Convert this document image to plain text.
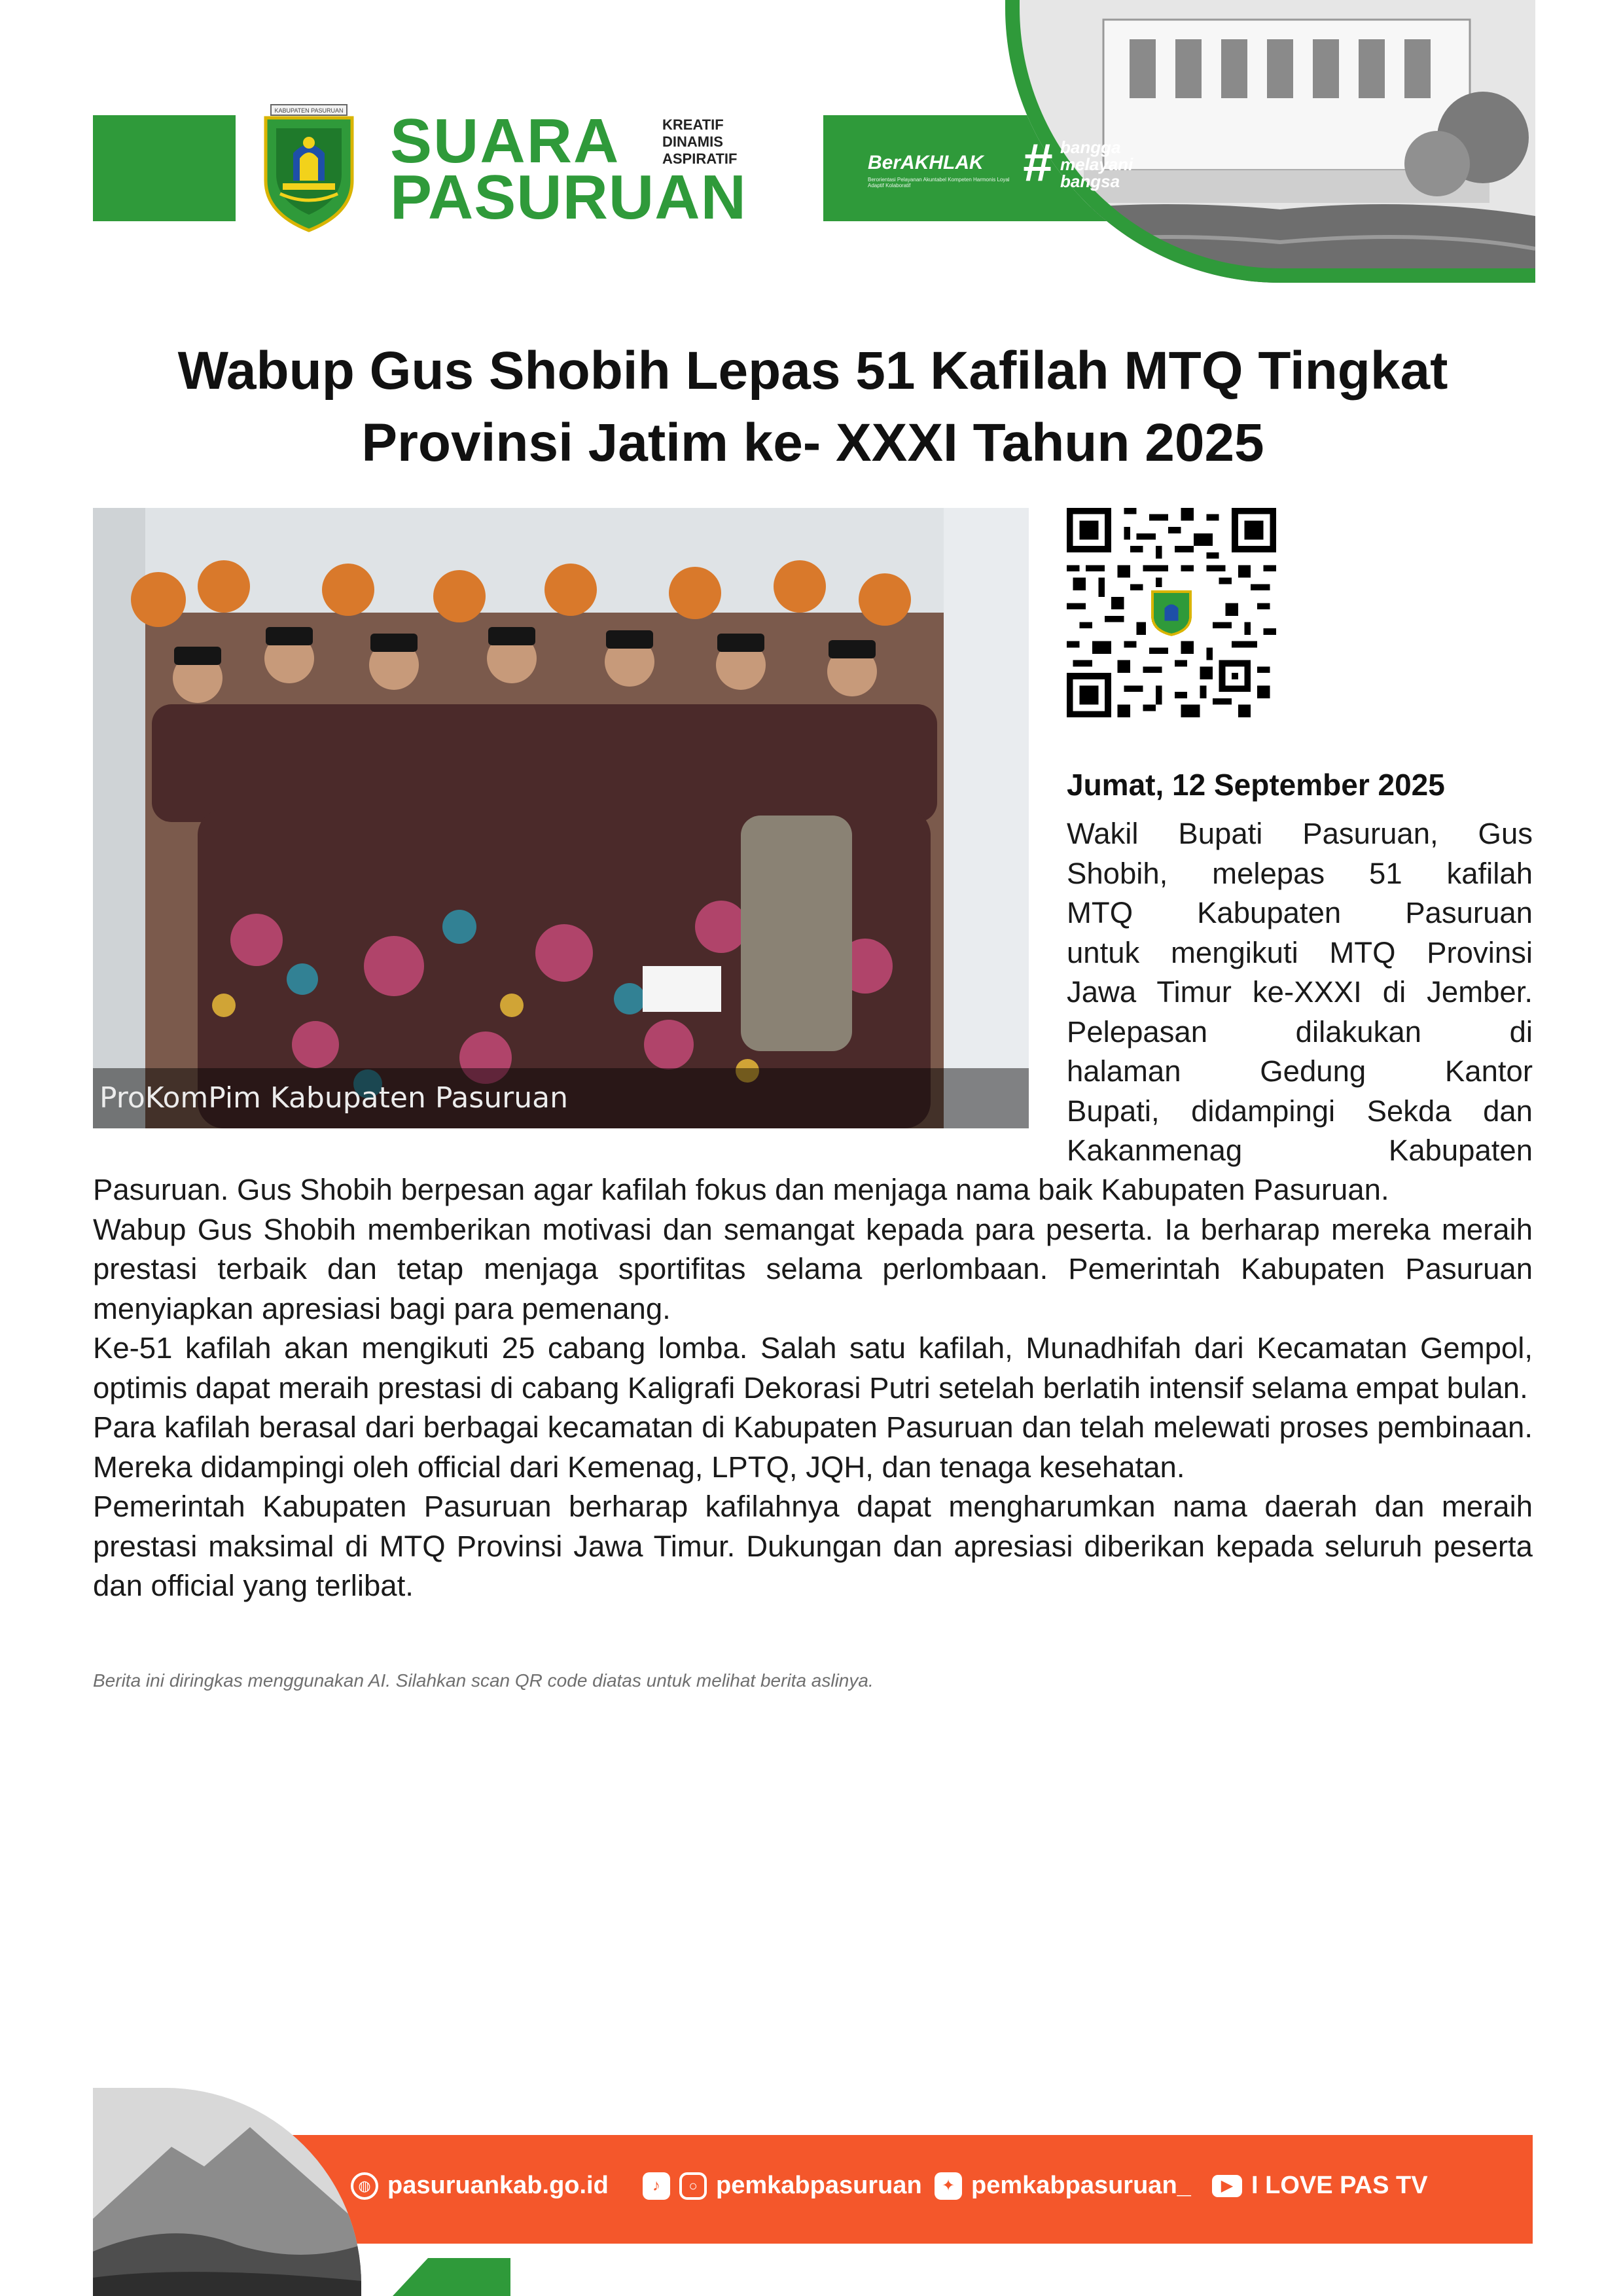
KABUPATEN PASURUAN SUARA
PASURUAN
KREATIF
DINAMIS
ASPIRATIF	BerAKHLAK
Berorientasi Pelayanan Akuntabel Kompeten Harmonis Loyal Adaptif Kolaboratif	# bangga
melayani
bangsa
Wabup Gus Shobih Lepas 51 Kafilah MTQ Tingkat
Provinsi Jatim ke- XXXI Tahun 2025
ProKomPim Kabupaten Pasuruan
Jumat, 12 September 2025
Wakil Bupati Pasuruan, Gus
Shobih, melepas 51 kafilah
MTQ Kabupaten Pasuruan
untuk mengikuti MTQ Provinsi
Jawa Timur ke-XXXI di Jember.
Pelepasan dilakukan di
halaman Gedung Kantor
Bupati, didampingi Sekda dan
Kakanmenag Kabupaten

Pasuruan. Gus Shobih berpesan agar kafilah fokus dan menjaga nama baik Kabupaten Pasuruan.

Wabup Gus Shobih memberikan motivasi dan semangat kepada para peserta. Ia berharap mereka meraih prestasi terbaik dan tetap menjaga sportifitas selama perlombaan. Pemerintah Kabupaten Pasuruan menyiapkan apresiasi bagi para pemenang.

Ke-51 kafilah akan mengikuti 25 cabang lomba. Salah satu kafilah, Munadhifah dari Kecamatan Gempol, optimis dapat meraih prestasi di cabang Kaligrafi Dekorasi Putri setelah berlatih intensif selama empat bulan.

Para kafilah berasal dari berbagai kecamatan di Kabupaten Pasuruan dan telah melewati proses pembinaan. Mereka didampingi oleh official dari Kemenag, LPTQ, JQH, dan tenaga kesehatan.

Pemerintah Kabupaten Pasuruan berharap kafilahnya dapat mengharumkan nama daerah dan meraih prestasi maksimal di MTQ Provinsi Jawa Timur. Dukungan dan apresiasi diberikan kepada seluruh peserta dan official yang terlibat.

Berita ini diringkas menggunakan AI. Silahkan scan QR code diatas untuk melihat berita aslinya.
◍ pasuruankab.go.id	♪	○ pemkabpasuruan	✦ pemkabpasuruan_	▶ I LOVE PAS TV
